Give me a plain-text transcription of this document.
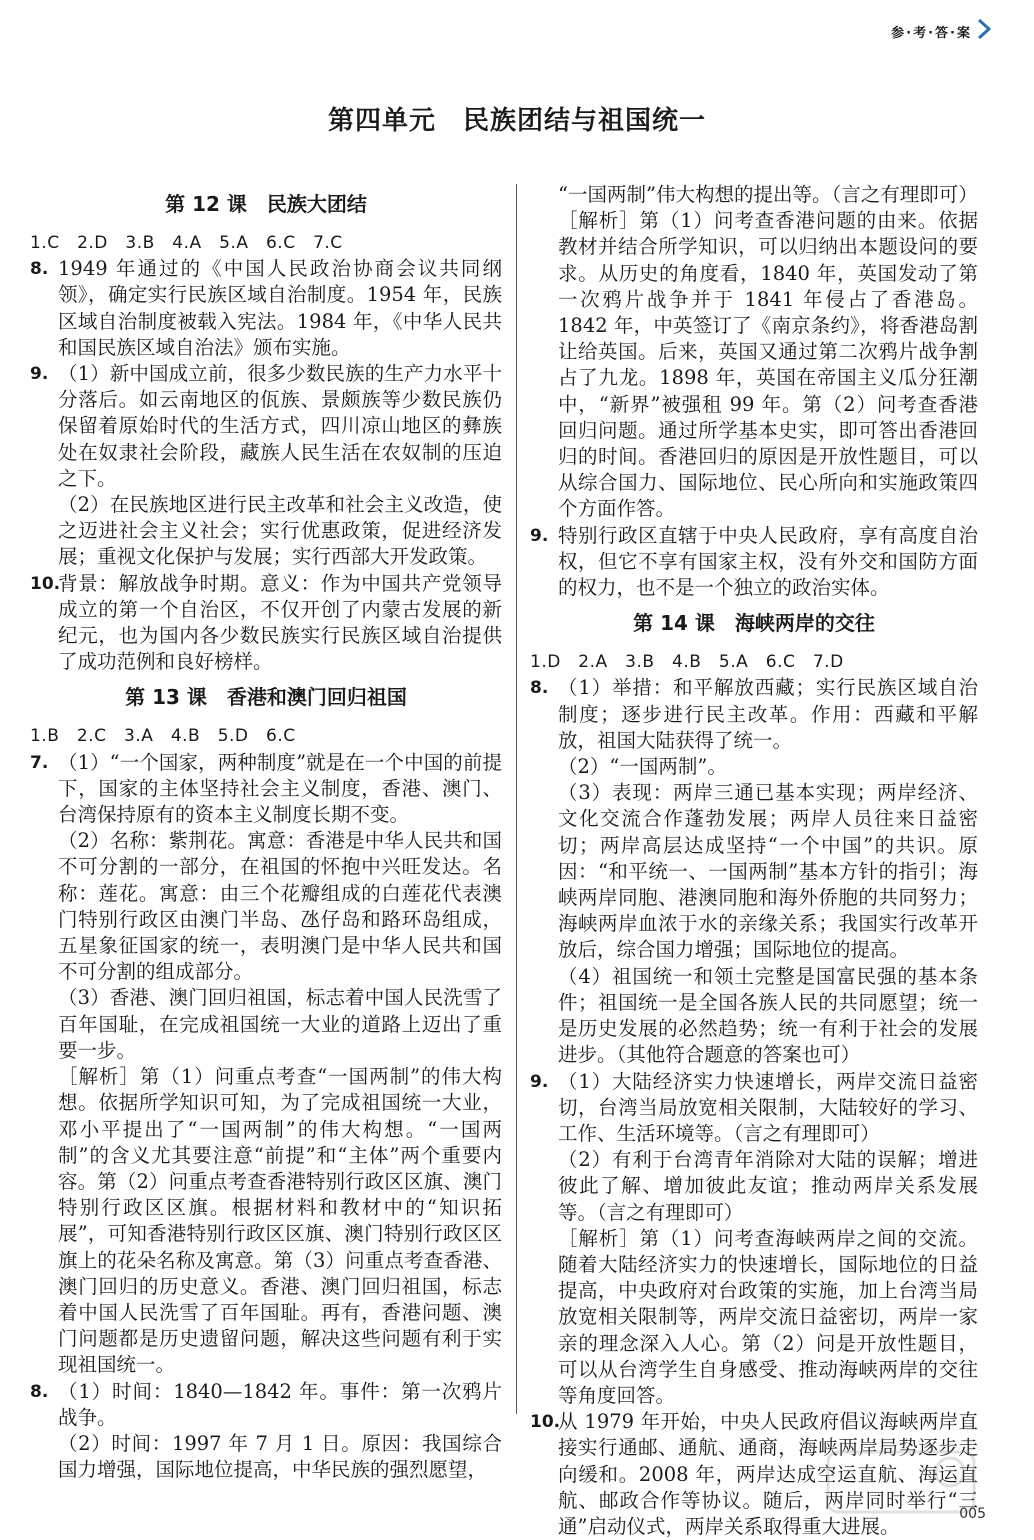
参·考·答·案
第四单元　民族团结与祖国统一
第 12 课　民族大团结
1.C　2.D　3.B　4.A　5.A　6.C　7.C
8. 1949 年通过的《中国人民政治协商会议共同纲领》，确定实行民族区域自治制度。1954 年，民族区域自治制度被载入宪法。1984 年，《中华人民共和国民族区域自治法》颁布实施。
9. （1）新中国成立前，很多少数民族的生产力水平十分落后。如云南地区的佤族、景颇族等少数民族仍保留着原始时代的生活方式，四川凉山地区的彝族处在奴隶社会阶段，藏族人民生活在农奴制的压迫之下。
（2）在民族地区进行民主改革和社会主义改造，使之迈进社会主义社会；实行优惠政策，促进经济发展；重视文化保护与发展；实行西部大开发政策。
10.
背景：解放战争时期。意义：作为中国共产党领导成立的第一个自治区，不仅开创了内蒙古发展的新纪元，也为国内各少数民族实行民族区域自治提供了成功范例和良好榜样。
第 13 课　香港和澳门回归祖国
1.B　2.C　3.A　4.B　5.D　6.C
7. （1）“一个国家，两种制度”就是在一个中国的前提下，国家的主体坚持社会主义制度，香港、澳门、台湾保持原有的资本主义制度长期不变。
（2）名称：紫荆花。寓意：香港是中华人民共和国不可分割的一部分，在祖国的怀抱中兴旺发达。名称：莲花。寓意：由三个花瓣组成的白莲花代表澳门特别行政区由澳门半岛、氹仔岛和路环岛组成，五星象征国家的统一，表明澳门是中华人民共和国不可分割的组成部分。
（3）香港、澳门回归祖国，标志着中国人民洗雪了百年国耻，在完成祖国统一大业的道路上迈出了重要一步。
［解析］第（1）问重点考查“一国两制”的伟大构想。依据所学知识可知，为了完成祖国统一大业，邓小平提出了“一国两制”的伟大构想。“一国两制”的含义尤其要注意“前提”和“主体”两个重要内容。第（2）问重点考查香港特别行政区区旗、澳门特别行政区区旗。根据材料和教材中的“知识拓展”，可知香港特别行政区区旗、澳门特别行政区区旗上的花朵名称及寓意。第（3）问重点考查香港、澳门回归的历史意义。香港、澳门回归祖国，标志着中国人民洗雪了百年国耻。再有，香港问题、澳门问题都是历史遗留问题，解决这些问题有利于实现祖国统一。
8. （1）时间：1840—1842 年。事件：第一次鸦片战争。
（2）时间：1997 年 7 月 1 日。原因：我国综合国力增强，国际地位提高，中华民族的强烈愿望，
“一国两制”伟大构想的提出等。（言之有理即可）
［解析］第（1）问考查香港问题的由来。依据教材并结合所学知识，可以归纳出本题设问的要求。从历史的角度看，1840 年，英国发动了第一次鸦片战争并于 1841 年侵占了香港岛。1842 年，中英签订了《南京条约》，将香港岛割让给英国。后来，英国又通过第二次鸦片战争割占了九龙。1898 年，英国在帝国主义瓜分狂潮中，“新界”被强租 99 年。第（2）问考查香港回归问题。通过所学基本史实，即可答出香港回归的时间。香港回归的原因是开放性题目，可以从综合国力、国际地位、民心所向和实施政策四个方面作答。
9. 特别行政区直辖于中央人民政府，享有高度自治权，但它不享有国家主权，没有外交和国防方面的权力，也不是一个独立的政治实体。
第 14 课　海峡两岸的交往
1.D　2.A　3.B　4.B　5.A　6.C　7.D
8. （1）举措：和平解放西藏；实行民族区域自治制度；逐步进行民主改革。作用：西藏和平解放，祖国大陆获得了统一。
（2）“一国两制”。
（3）表现：两岸三通已基本实现；两岸经济、文化交流合作蓬勃发展；两岸人员往来日益密切；两岸高层达成坚持“一个中国”的共识。原因：“和平统一、一国两制”基本方针的指引；海峡两岸同胞、港澳同胞和海外侨胞的共同努力；海峡两岸血浓于水的亲缘关系；我国实行改革开放后，综合国力增强；国际地位的提高。
（4）祖国统一和领土完整是国富民强的基本条件；祖国统一是全国各族人民的共同愿望；统一是历史发展的必然趋势；统一有利于社会的发展进步。（其他符合题意的答案也可）
9. （1）大陆经济实力快速增长，两岸交流日益密切，台湾当局放宽相关限制，大陆较好的学习、工作、生活环境等。（言之有理即可）
（2）有利于台湾青年消除对大陆的误解；增进彼此了解、增加彼此友谊；推动两岸关系发展等。（言之有理即可）
［解析］第（1）问考查海峡两岸之间的交流。随着大陆经济实力的快速增长，国际地位的日益提高，中央政府对台政策的实施，加上台湾当局放宽相关限制等，两岸交流日益密切，两岸一家亲的理念深入人心。第（2）问是开放性题目，可以从台湾学生自身感受、推动海峡两岸的交往等角度回答。
10.
从 1979 年开始，中央人民政府倡议海峡两岸直接实行通邮、通航、通商，海峡两岸局势逐步走向缓和。2008 年，两岸达成空运直航、海运直航、邮政合作等协议。随后，两岸同时举行“三通”启动仪式，两岸关系取得重大进展。
005
